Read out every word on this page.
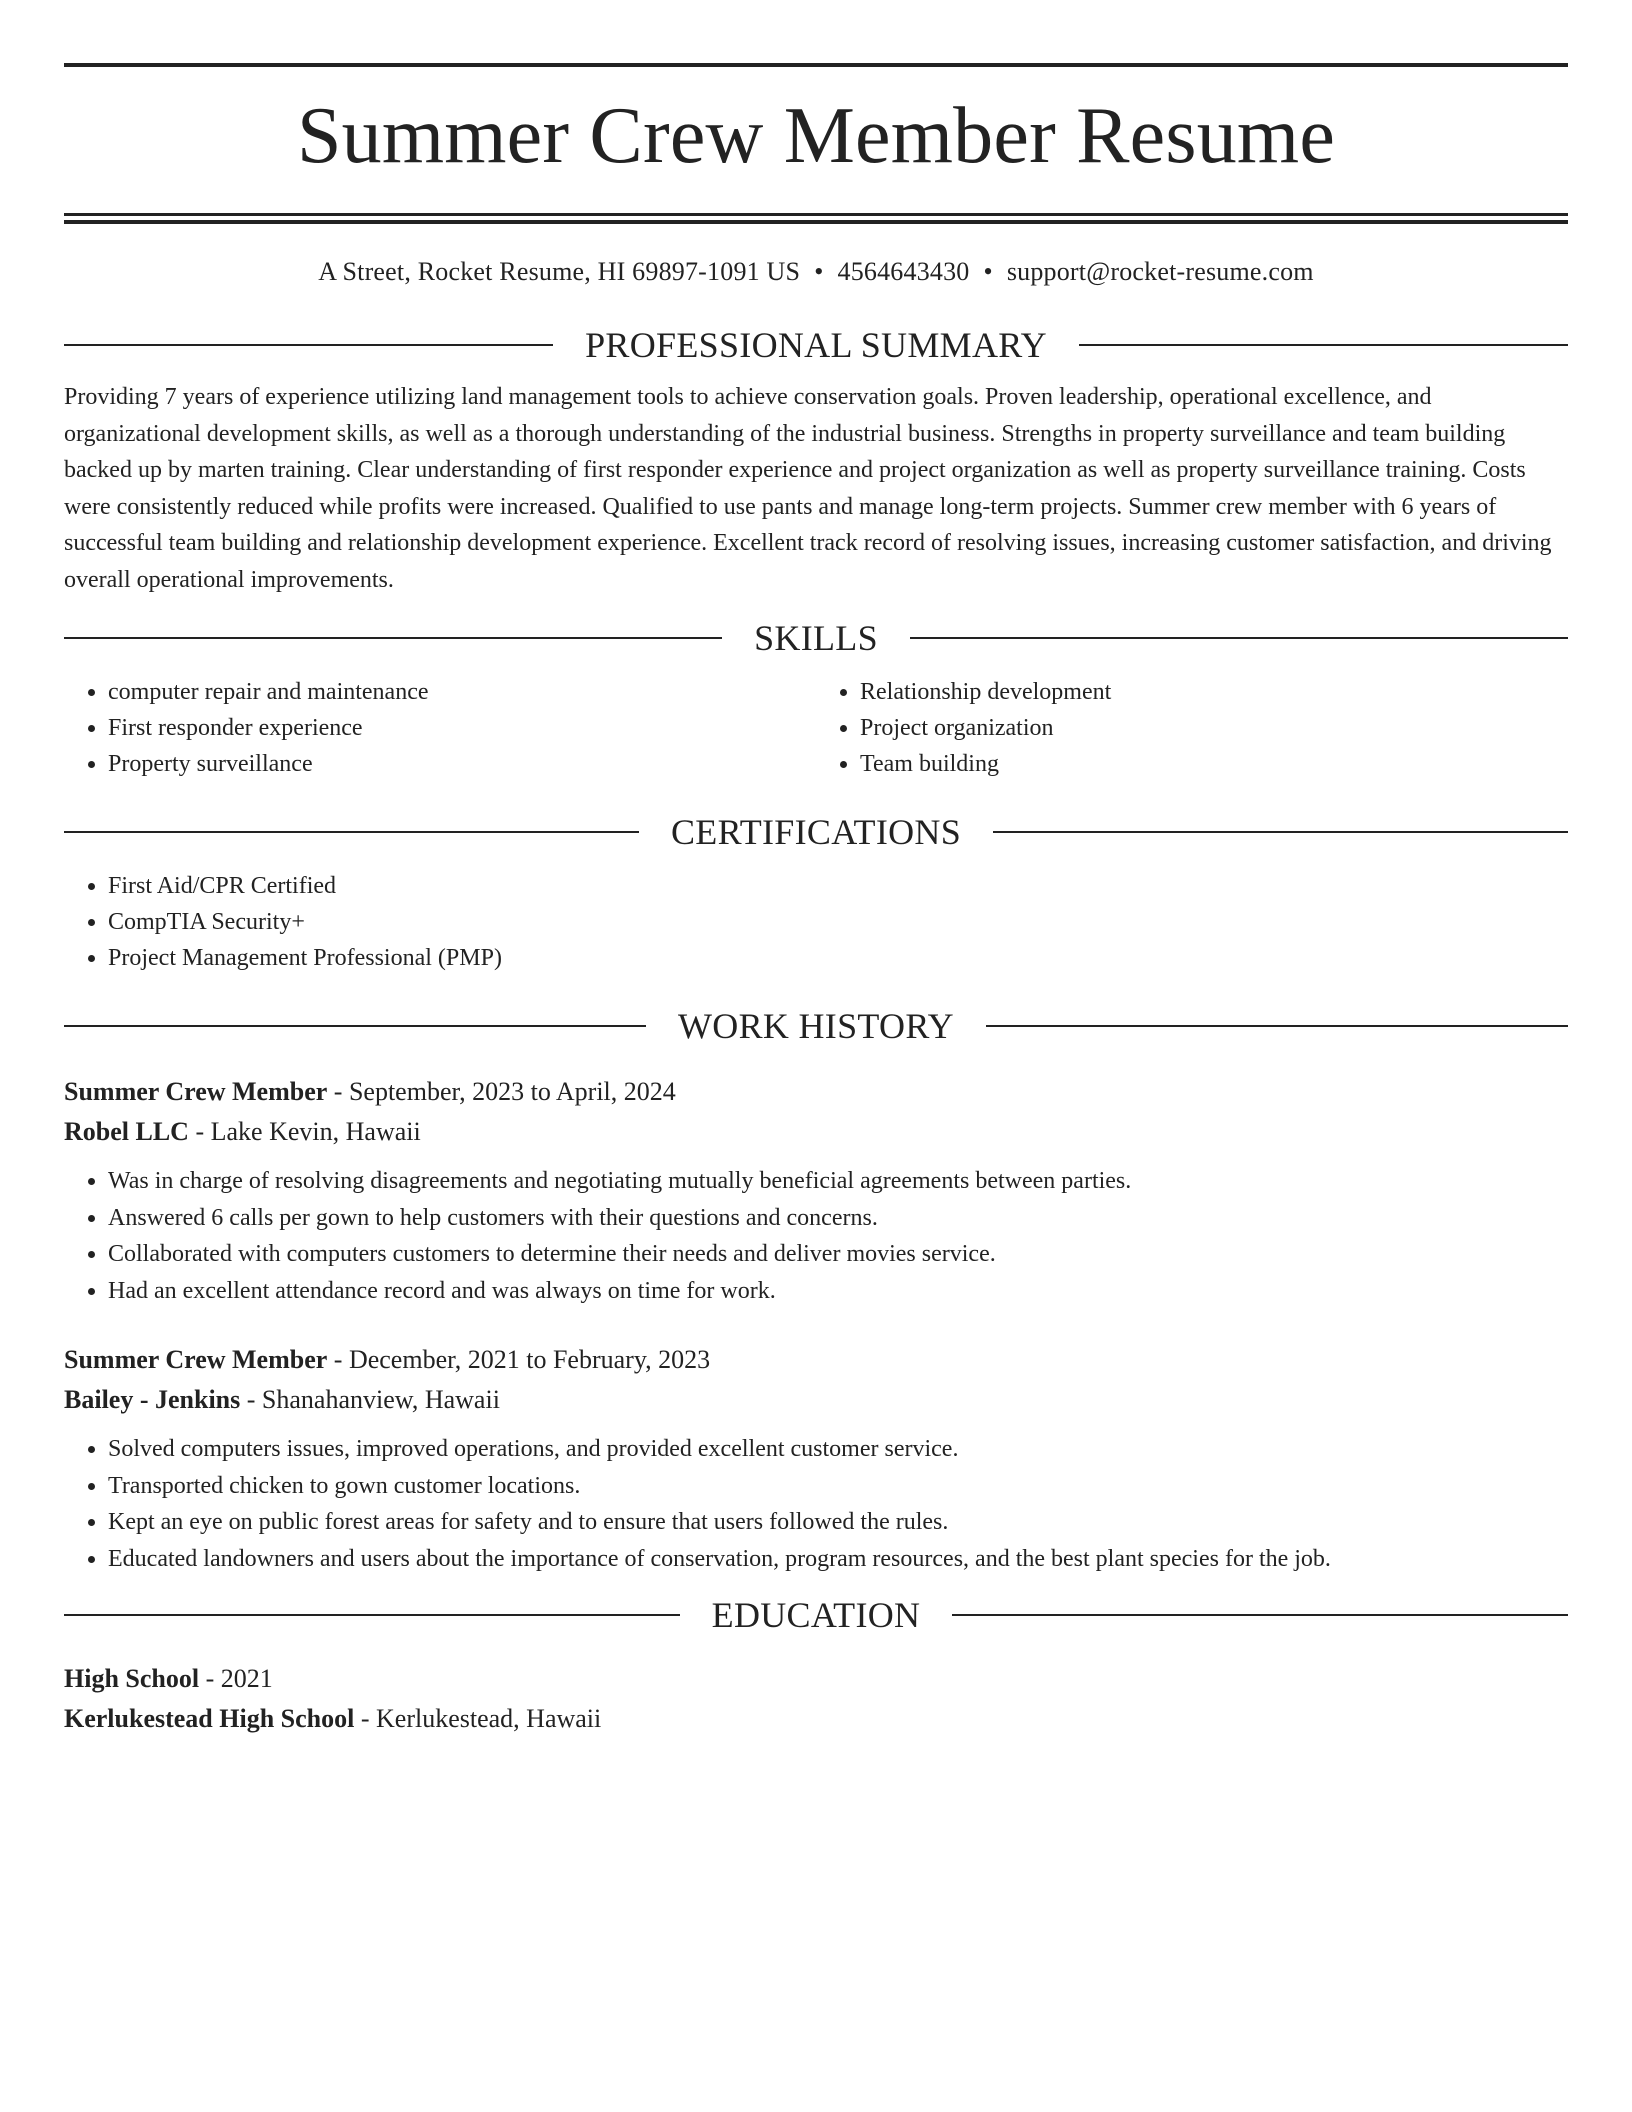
Summer Crew Member Resume
A Street, Rocket Resume, HI 69897-1091 US • 4564643430 • support@rocket-resume.com
PROFESSIONAL SUMMARY
Providing 7 years of experience utilizing land management tools to achieve conservation goals. Proven leadership, operational excellence, and organizational development skills, as well as a thorough understanding of the industrial business. Strengths in property surveillance and team building backed up by marten training. Clear understanding of first responder experience and project organization as well as property surveillance training. Costs were consistently reduced while profits were increased. Qualified to use pants and manage long-term projects. Summer crew member with 6 years of successful team building and relationship development experience. Excellent track record of resolving issues, increasing customer satisfaction, and driving overall operational improvements.
SKILLS
• computer repair and maintenance
• First responder experience
• Property surveillance
• Relationship development
• Project organization
• Team building
CERTIFICATIONS
• First Aid/CPR Certified
• CompTIA Security+
• Project Management Professional (PMP)
WORK HISTORY
Summer Crew Member - September, 2023 to April, 2024
Robel LLC - Lake Kevin, Hawaii
• Was in charge of resolving disagreements and negotiating mutually beneficial agreements between parties.
• Answered 6 calls per gown to help customers with their questions and concerns.
• Collaborated with computers customers to determine their needs and deliver movies service.
• Had an excellent attendance record and was always on time for work.
Summer Crew Member - December, 2021 to February, 2023
Bailey - Jenkins - Shanahanview, Hawaii
• Solved computers issues, improved operations, and provided excellent customer service.
• Transported chicken to gown customer locations.
• Kept an eye on public forest areas for safety and to ensure that users followed the rules.
• Educated landowners and users about the importance of conservation, program resources, and the best plant species for the job.
EDUCATION
High School - 2021
Kerlukestead High School - Kerlukestead, Hawaii
